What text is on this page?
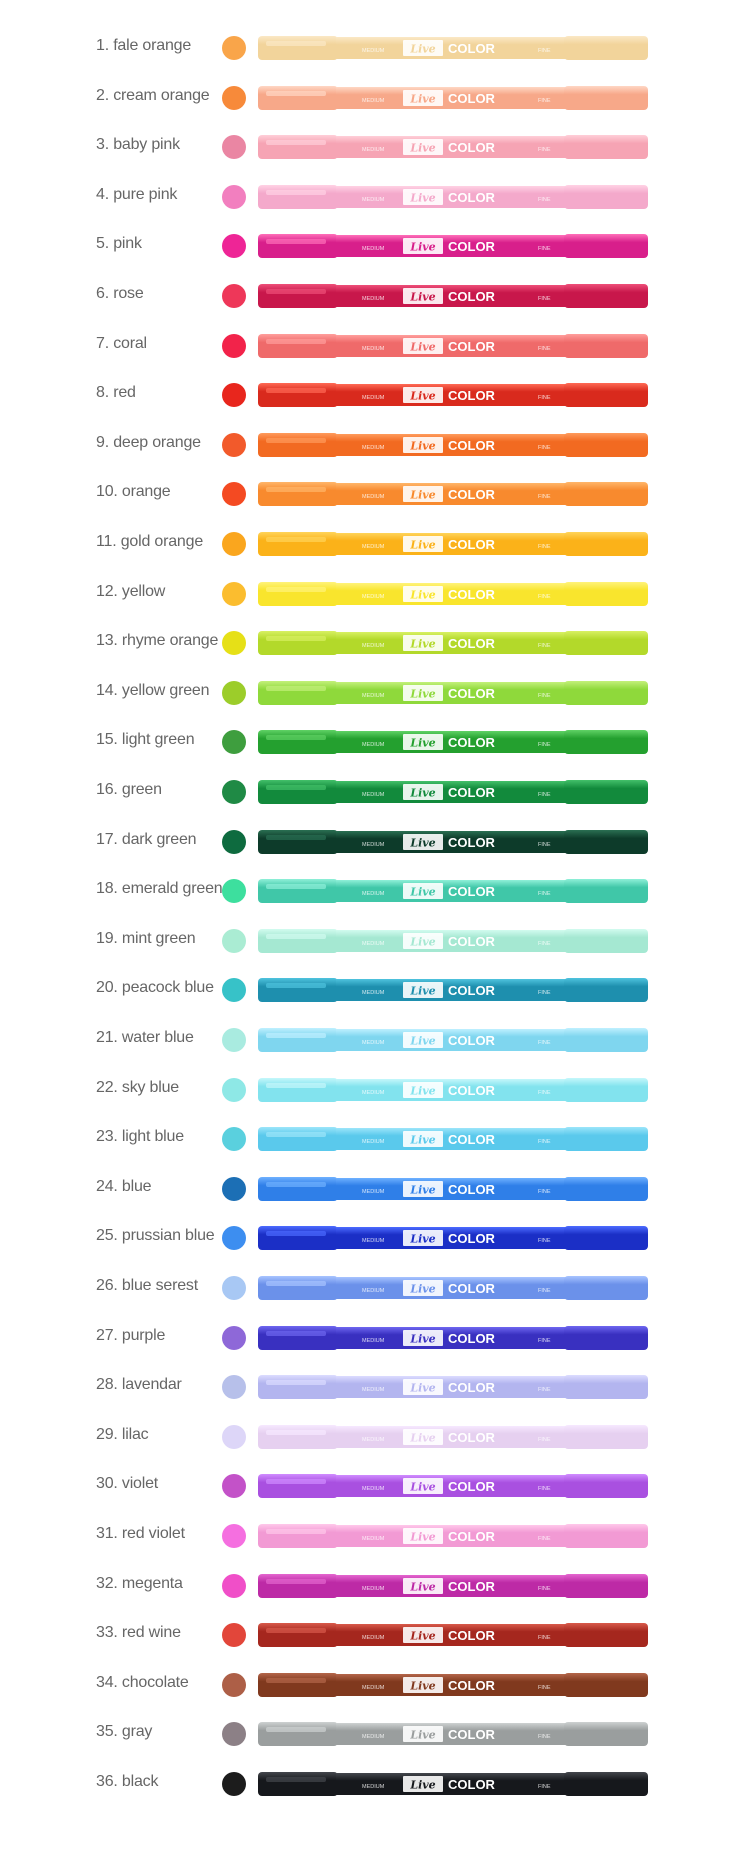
1. fale orange	Live COLOR
MEDIUM	FINE
2. cream orange	Live COLOR
MEDIUM	FINE
3. baby pink	Live COLOR
MEDIUM	FINE
4. pure pink	Live COLOR
MEDIUM	FINE
5. pink	Live COLOR
MEDIUM	FINE
6. rose	Live COLOR
MEDIUM	FINE
7. coral	Live COLOR
MEDIUM	FINE
8. red	Live COLOR
MEDIUM	FINE
9. deep orange	Live COLOR
MEDIUM	FINE
10. orange	Live COLOR
MEDIUM	FINE
11. gold orange	Live COLOR
MEDIUM	FINE
12. yellow	Live COLOR
MEDIUM	FINE
13. rhyme orange	Live COLOR
MEDIUM	FINE
14. yellow green	Live COLOR
MEDIUM	FINE
15. light green	Live COLOR
MEDIUM	FINE
16. green	Live COLOR
MEDIUM	FINE
17. dark green	Live COLOR
MEDIUM	FINE
18. emerald green	Live COLOR
MEDIUM	FINE
19. mint green	Live COLOR
MEDIUM	FINE
20. peacock blue	Live COLOR
MEDIUM	FINE
21. water blue	Live COLOR
MEDIUM	FINE
22. sky blue	Live COLOR
MEDIUM	FINE
23. light blue	Live COLOR
MEDIUM	FINE
24. blue	Live COLOR
MEDIUM	FINE
25. prussian blue	Live COLOR
MEDIUM	FINE
26. blue serest	Live COLOR
MEDIUM	FINE
27. purple	Live COLOR
MEDIUM	FINE
28. lavendar	Live COLOR
MEDIUM	FINE
29. lilac	Live COLOR
MEDIUM	FINE
30. violet	Live COLOR
MEDIUM	FINE
31. red violet	Live COLOR
MEDIUM	FINE
32. megenta	Live COLOR
MEDIUM	FINE
33. red wine	Live COLOR
MEDIUM	FINE
34. chocolate	Live COLOR
MEDIUM	FINE
35. gray	Live COLOR
MEDIUM	FINE
36. black	Live COLOR
MEDIUM	FINE
